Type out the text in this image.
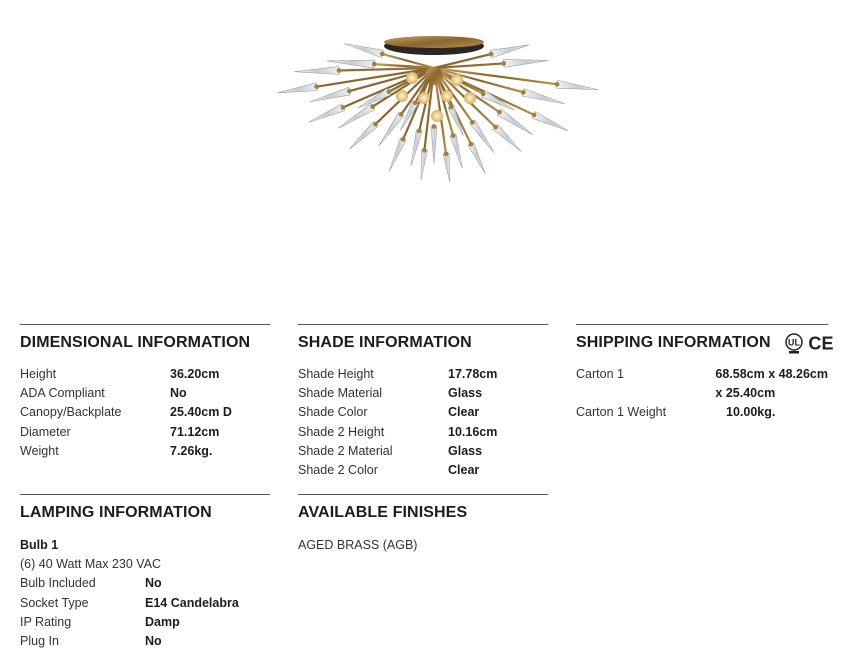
DIMENSIONAL INFORMATION
Height	36.20cm
ADA Compliant	No
Canopy/Backplate	25.40cm D
Diameter	71.12cm
Weight	7.26kg.
SHADE INFORMATION
Shade Height	17.78cm
Shade Material	Glass
Shade Color	Clear
Shade 2 Height	10.16cm
Shade 2 Material	Glass
Shade 2 Color	Clear
SHIPPING INFORMATION UL CE
Carton 1	68.58cm x 48.26cm
x 25.40cm
Carton 1 Weight	10.00kg.
LAMPING INFORMATION
Bulb 1
(6) 40 Watt Max 230 VAC
Bulb Included	No
Socket Type	E14 Candelabra
IP Rating	Damp
Plug In	No
AVAILABLE FINISHES
AGED BRASS (AGB)
